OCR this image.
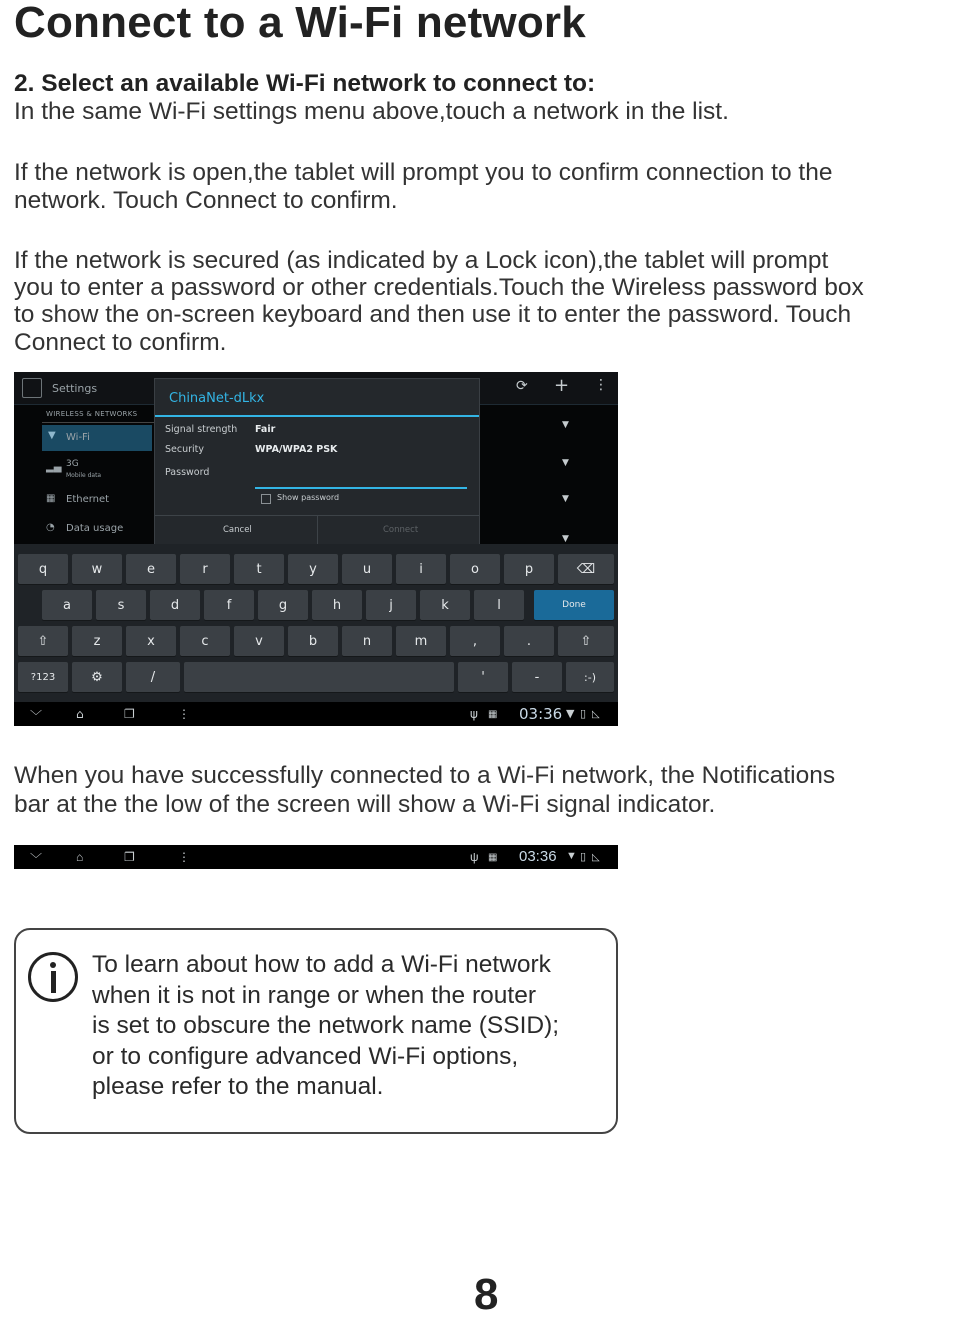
Connect to a Wi-Fi network
2. Select an available Wi-Fi network to connect to:
In the same Wi-Fi settings menu above,touch a network in the list.
If the network is open,the tablet will prompt you to confirm connection to the
network. Touch Connect to confirm.
If the network is secured (as indicated by a Lock icon),the tablet will prompt
you to enter a password or other credentials.Touch the Wireless password box
to show the on-screen keyboard and then use it to enter the password. Touch
Connect to confirm.
Settings	⟳ + ⋮
WIRELESS & NETWORKS
▼ Wi-Fi
▂▄ 3G
Mobile data
▦ Ethernet
◔ Data usage
▼
▼
▼
▼
ChinaNet-dLkx
Signal strength Fair
Security	WPA/WPA2 PSK
Password
Show password
Cancel	Connect
q	w	e	r	t	y	u	i	o	p	⌫
a	s	d	f	g	h	j	k	l	Done
⇧	z	x	c	v	b	n	m	,	.	⇧
?123	⚙	/	'	-	:-)
﹀	⌂	❐	⋮	ψ ▦ 03:36 ▼ ▯ ◺
When you have successfully connected to a Wi-Fi network, the Notifications
bar at the the low of the screen will show a Wi-Fi signal indicator.
﹀	⌂	❐	⋮	ψ ▦ 03:36 ▼ ▯ ◺
To learn about how to add a Wi-Fi network
when it is not in range or when the router
is set to obscure the network name (SSID);
or to configure advanced Wi-Fi options,
please refer to the manual.
8
